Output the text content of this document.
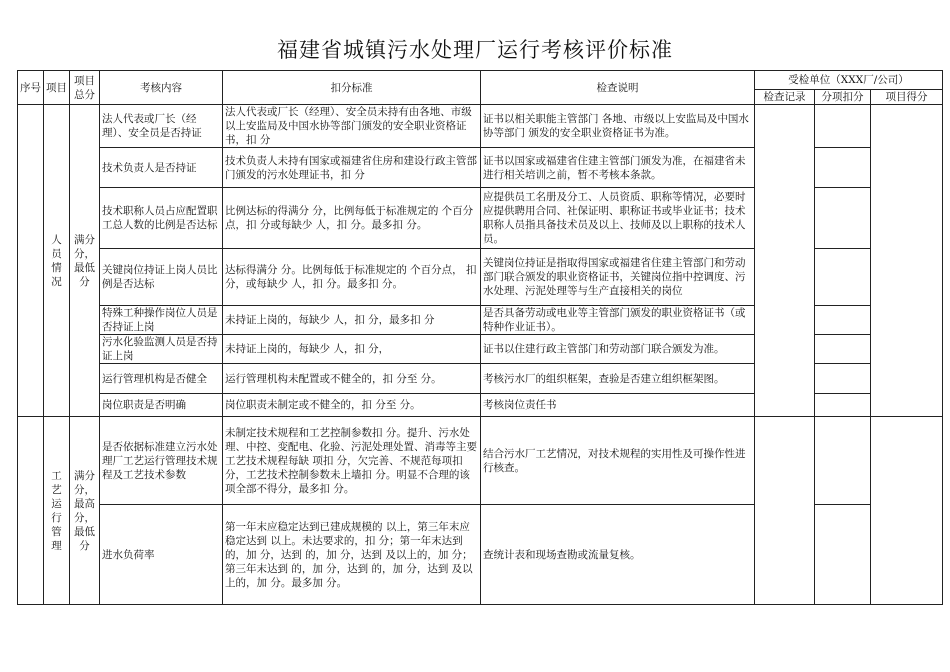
福建省城镇污水处理厂运行考核评价标准
序号	项目	项目总分	考核内容	扣分标准	检查说明	受检单位（XXX厂/公司）		
						检查记录	分项扣分	项目得分

	人员情况	满分分，最低分	法人代表或厂长（经理）、安全员是否持证	法人代表或厂长（经理）、安全员未持有由各地、市级以上安监局及中国水协等部门颁发的安全职业资格证书，扣 分	证书以相关职能主管部门 各地、市级以上安监局及中国水协等部门 颁发的安全职业资格证书为准。			
			技术负责人是否持证	技术负责人未持有国家或福建省住房和建设行政主管部门颁发的污水处理证书，扣 分	证书以国家或福建省住建主管部门颁发为准，在福建省未进行相关培训之前，暂不考核本条款。			
			技术职称人员占应配置职工总人数的比例是否达标	比例达标的得满分 分，比例每低于标准规定的 个百分点，扣 分或每缺少 人，扣 分。最多扣 分。	应提供员工名册及分工、人员资质、职称等情况，必要时应提供聘用合同、社保证明、职称证书或毕业证书；技术职称人员指具备技术员及以上、技师及以上职称的技术人员。			
			关键岗位持证上岗人员比例是否达标	达标得满分 分。比例每低于标准规定的 个百分点， 扣 分，或每缺少 人，扣 分。最多扣 分。	关键岗位持证是指取得国家或福建省住建主管部门和劳动部门联合颁发的职业资格证书，关键岗位指中控调度、污水处理、污泥处理等与生产直接相关的岗位			
			特殊工种操作岗位人员是否持证上岗	未持证上岗的，每缺少 人，扣 分，最多扣 分	是否具备劳动或电业等主管部门颁发的职业资格证书（或特种作业证书）。			
			污水化验监测人员是否持证上岗	未持证上岗的，每缺少 人，扣 分，	证书以住建行政主管部门和劳动部门联合颁发为准。			
			运行管理机构是否健全	运行管理机构未配置或不健全的，扣 分至 分。	考核污水厂的组织框架，查验是否建立组织框架图。			
			岗位职责是否明确	岗位职责未制定或不健全的，扣 分至 分。	考核岗位责任书			

	工艺运行管理	满分分，最高分，最低分	是否依据标准建立污水处理厂工艺运行管理技术规程及工艺技术参数	未制定技术规程和工艺控制参数扣 分。提升、污水处理、中控、变配电、化验、污泥处理处置、消毒等主要工艺技术规程每缺 项扣 分，欠完善、不规范每项扣 分，工艺技术控制参数未上墙扣 分。明显不合理的该项全部不得分，最多扣 分。	结合污水厂工艺情况，对技术规程的实用性及可操作性进行核查。			
			进水负荷率	第一年末应稳定达到已建成规模的 以上，第三年末应稳定达到 以上。未达要求的，扣 分；第一年末达到 的，加 分，达到 的，加 分，达到 及以上的，加 分；第三年末达到 的，加 分，达到 的，加 分，达到 及以上的，加 分。最多加 分。	查统计表和现场查勘或流量复核。			
